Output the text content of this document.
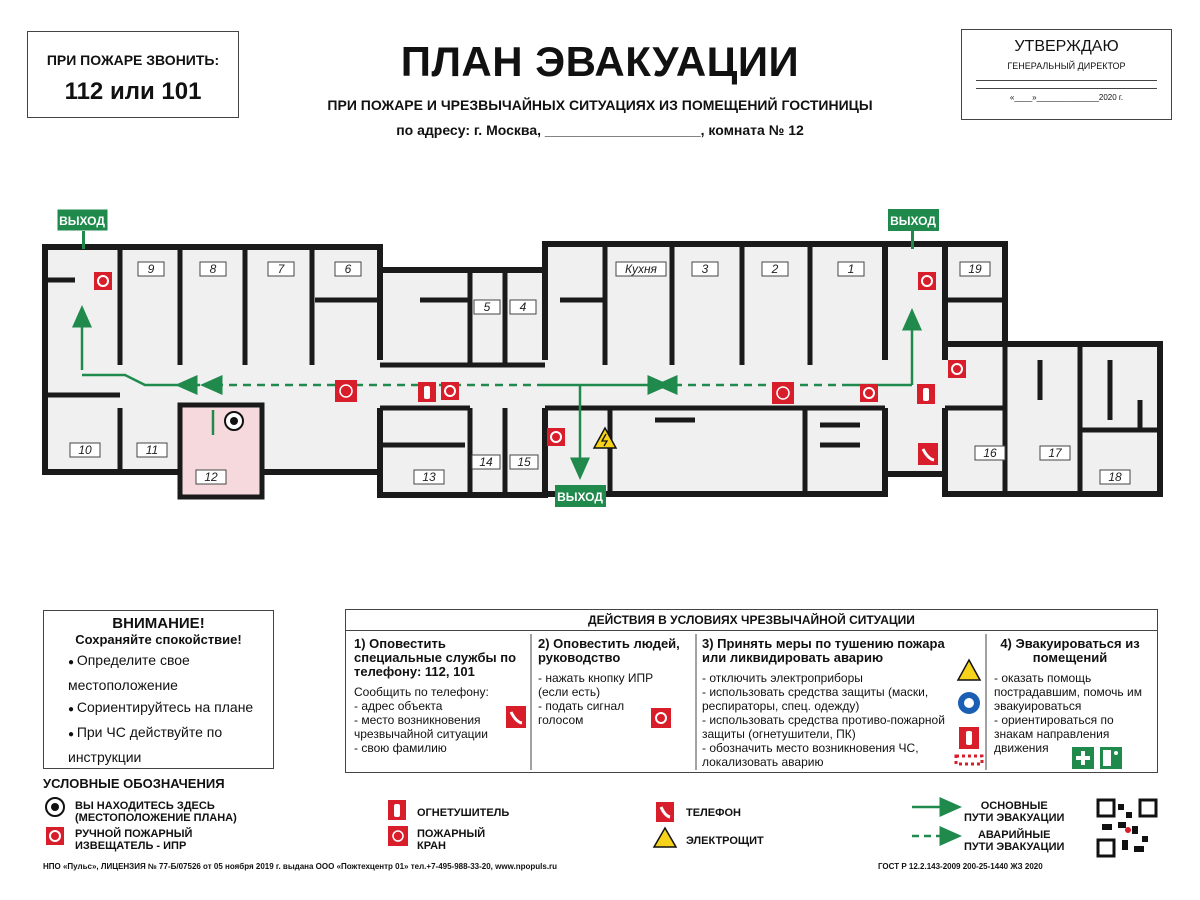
ПРИ ПОЖАРЕ ЗВОНИТЬ:
112 или 101
ПЛАН ЭВАКУАЦИИ
ПРИ ПОЖАРЕ И ЧРЕЗВЫЧАЙНЫХ СИТУАЦИЯХ ИЗ ПОМЕЩЕНИЙ ГОСТИНИЦЫ
по адресу: г. Москва, ____________________, комната № 12
УТВЕРЖДАЮ
ГЕНЕРАЛЬНЫЙ ДИРЕКТОР
«____»______________2020 г.
9	8	7	6	Кухня	3	2	1	19
5 4
10	11
12	13
14 15
16	17
18
ВЫХОД	ВЫХОД
ВЫХОД
ВНИМАНИЕ!
Сохраняйте спокойствие!
● Определите свое местоположение
● Сориентируйтесь на плане
● При ЧС действуйте по инструкции
ДЕЙСТВИЯ В УСЛОВИЯХ ЧРЕЗВЫЧАЙНОЙ СИТУАЦИИ
1) Оповестить специальные службы по телефону: 112, 101
Сообщить по телефону:
- адрес объекта
- место возникновения чрезвычайной ситуации
- свою фамилию
2) Оповестить людей, руководство
- нажать кнопку ИПР
(если есть)
- подать сигнал
голосом
3) Принять меры по тушению пожара или ликвидировать аварию
- отключить электроприборы
- использовать средства защиты (маски, респираторы, спец. одежду)
- использовать средства противо-пожарной защиты (огнетушители, ПК)
- обозначить место возникновения ЧС, локализовать аварию
4) Эвакуироваться из помещений
- оказать помощь пострадавшим, помочь им эвакуироваться
- ориентироваться по знакам направления движения
УСЛОВНЫЕ ОБОЗНАЧЕНИЯ
ВЫ НАХОДИТЕСЬ ЗДЕСЬ
(МЕСТОПОЛОЖЕНИЕ ПЛАНА)
РУЧНОЙ ПОЖАРНЫЙ
ИЗВЕЩАТЕЛЬ - ИПР
ОГНЕТУШИТЕЛЬ
ПОЖАРНЫЙ
КРАН
ТЕЛЕФОН
ЭЛЕКТРОЩИТ
ОСНОВНЫЕ
ПУТИ ЭВАКУАЦИИ
АВАРИЙНЫЕ
ПУТИ ЭВАКУАЦИИ
НПО «Пульс», ЛИЦЕНЗИЯ № 77-Б/07526 от 05 ноября 2019 г. выдана ООО «Пожтехцентр 01» тел.+7-495-988-33-20, www.npopuls.ru	ГОСТ Р 12.2.143-2009 200-25-1440 ЖЗ 2020
